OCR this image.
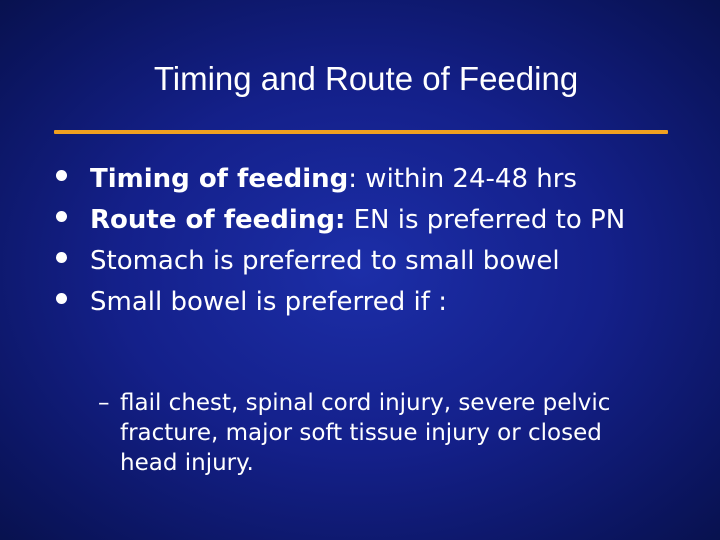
Timing and Route of Feeding
Timing of feeding: within 24-48 hrs
Route of feeding: EN is preferred to PN
Stomach is preferred to small bowel
Small bowel is preferred if :
– flail chest, spinal cord injury, severe pelvic fracture, major soft tissue injury or closed head injury.
